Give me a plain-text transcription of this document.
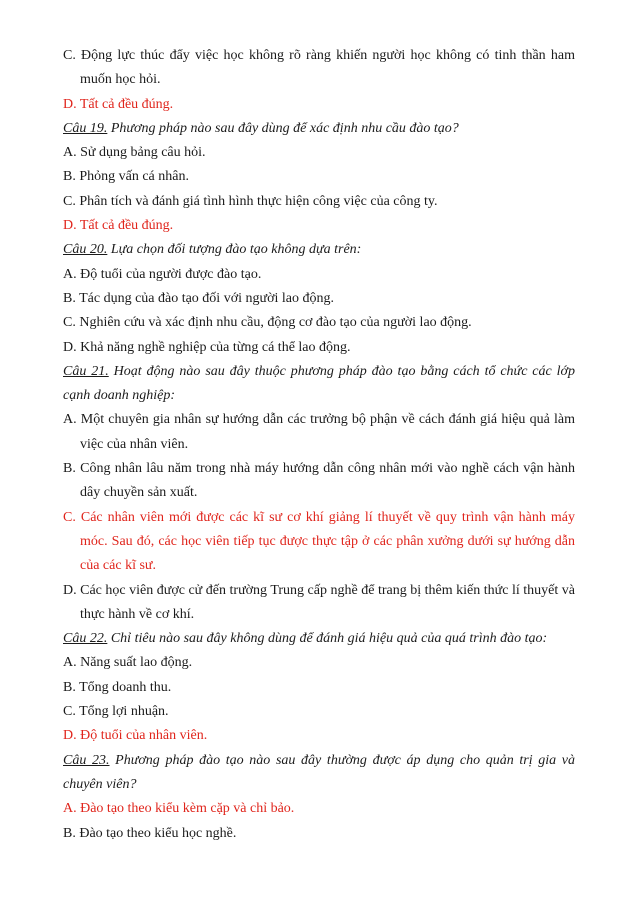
C. Động lực thúc đẩy việc học không rõ ràng khiến người học không có tinh thần ham muốn học hỏi.

D. Tất cả đều đúng.

Câu 19. Phương pháp nào sau đây dùng để xác định nhu cầu đào tạo?

A. Sử dụng bảng câu hỏi.

B. Phỏng vấn cá nhân.

C. Phân tích và đánh giá tình hình thực hiện công việc của công ty.

D. Tất cả đều đúng.

Câu 20. Lựa chọn đối tượng đào tạo không dựa trên:

A. Độ tuổi của người được đào tạo.

B. Tác dụng của đào tạo đối với người lao động.

C. Nghiên cứu và xác định nhu cầu, động cơ đào tạo của người lao động.

D. Khả năng nghề nghiệp của từng cá thể lao động.

Câu 21. Hoạt động nào sau đây thuộc phương pháp đào tạo bằng cách tổ chức các lớp cạnh doanh nghiệp:

A. Một chuyên gia nhân sự hướng dẫn các trưởng bộ phận về cách đánh giá hiệu quả làm việc của nhân viên.

B. Công nhân lâu năm trong nhà máy hướng dẫn công nhân mới vào nghề cách vận hành dây chuyền sản xuất.

C. Các nhân viên mới được các kĩ sư cơ khí giảng lí thuyết về quy trình vận hành máy móc. Sau đó, các học viên tiếp tục được thực tập ở các phân xưởng dưới sự hướng dẫn của các kĩ sư.

D. Các học viên được cử đến trường Trung cấp nghề để trang bị thêm kiến thức lí thuyết và thực hành về cơ khí.

Câu 22. Chỉ tiêu nào sau đây không dùng để đánh giá hiệu quả của quá trình đào tạo:

A. Năng suất lao động.

B. Tổng doanh thu.

C. Tổng lợi nhuận.

D. Độ tuổi của nhân viên.

Câu 23. Phương pháp đào tạo nào sau đây thường được áp dụng cho quản trị gia và chuyên viên?

A. Đào tạo theo kiểu kèm cặp và chỉ bảo.

B. Đào tạo theo kiểu học nghề.
